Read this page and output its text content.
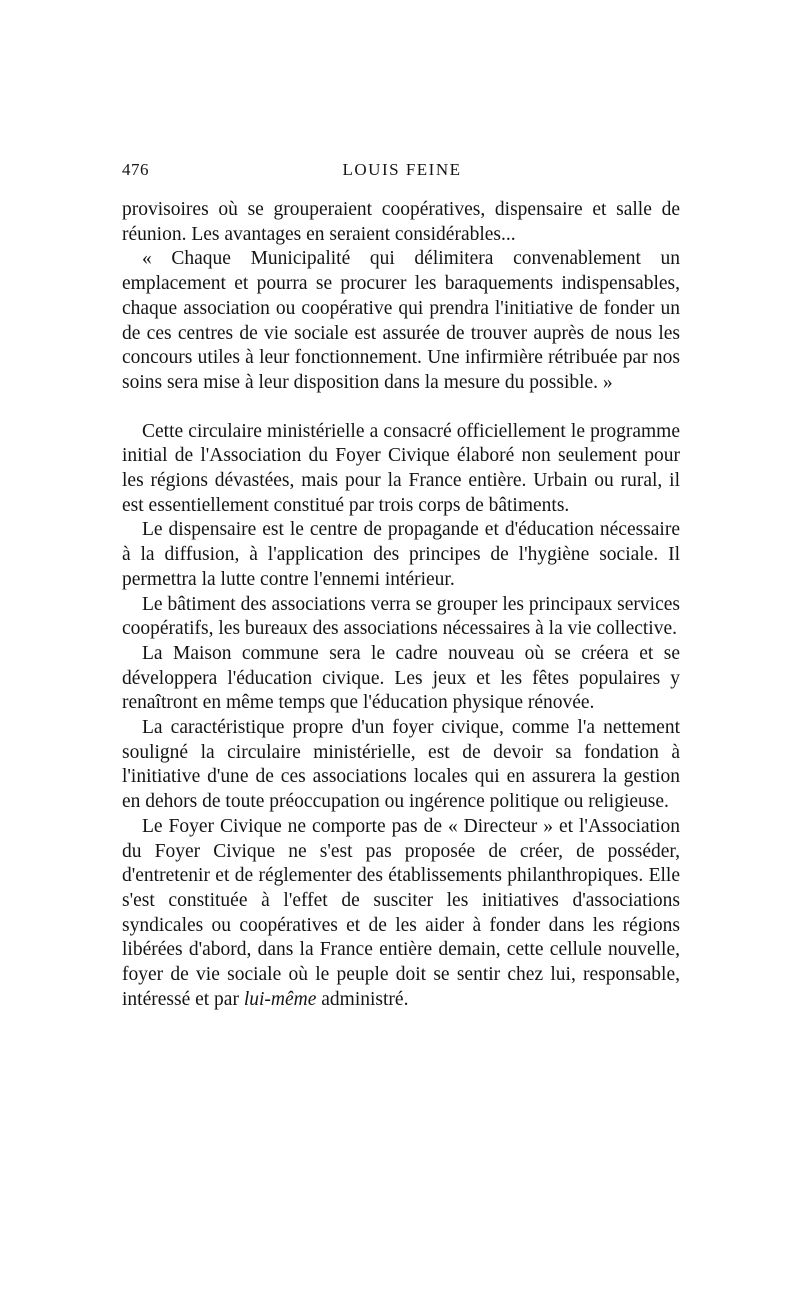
476	LOUIS FEINE

provisoires où se grouperaient coopératives, dispensaire et salle de réunion. Les avantages en seraient considérables...

« Chaque Municipalité qui délimitera convenablement un emplacement et pourra se procurer les baraquements indispensables, chaque association ou coopérative qui prendra l'initiative de fonder un de ces centres de vie sociale est assurée de trouver auprès de nous les concours utiles à leur fonctionnement. Une infirmière rétribuée par nos soins sera mise à leur disposition dans la mesure du possible. »

Cette circulaire ministérielle a consacré officiellement le programme initial de l'Association du Foyer Civique élaboré non seulement pour les régions dévastées, mais pour la France entière. Urbain ou rural, il est essentiellement constitué par trois corps de bâtiments.

Le dispensaire est le centre de propagande et d'éducation nécessaire à la diffusion, à l'application des principes de l'hygiène sociale. Il permettra la lutte contre l'ennemi intérieur.

Le bâtiment des associations verra se grouper les principaux services coopératifs, les bureaux des associations nécessaires à la vie collective.

La Maison commune sera le cadre nouveau où se créera et se développera l'éducation civique. Les jeux et les fêtes populaires y renaîtront en même temps que l'éducation physique rénovée.

La caractéristique propre d'un foyer civique, comme l'a nettement souligné la circulaire ministérielle, est de devoir sa fondation à l'initiative d'une de ces associations locales qui en assurera la gestion en dehors de toute préoccupation ou ingérence politique ou religieuse.

Le Foyer Civique ne comporte pas de « Directeur » et l'Association du Foyer Civique ne s'est pas proposée de créer, de posséder, d'entretenir et de réglementer des établissements philanthropiques. Elle s'est constituée à l'effet de susciter les initiatives d'associations syndicales ou coopératives et de les aider à fonder dans les régions libérées d'abord, dans la France entière demain, cette cellule nouvelle, foyer de vie sociale où le peuple doit se sentir chez lui, responsable, intéressé et par lui-même administré.
